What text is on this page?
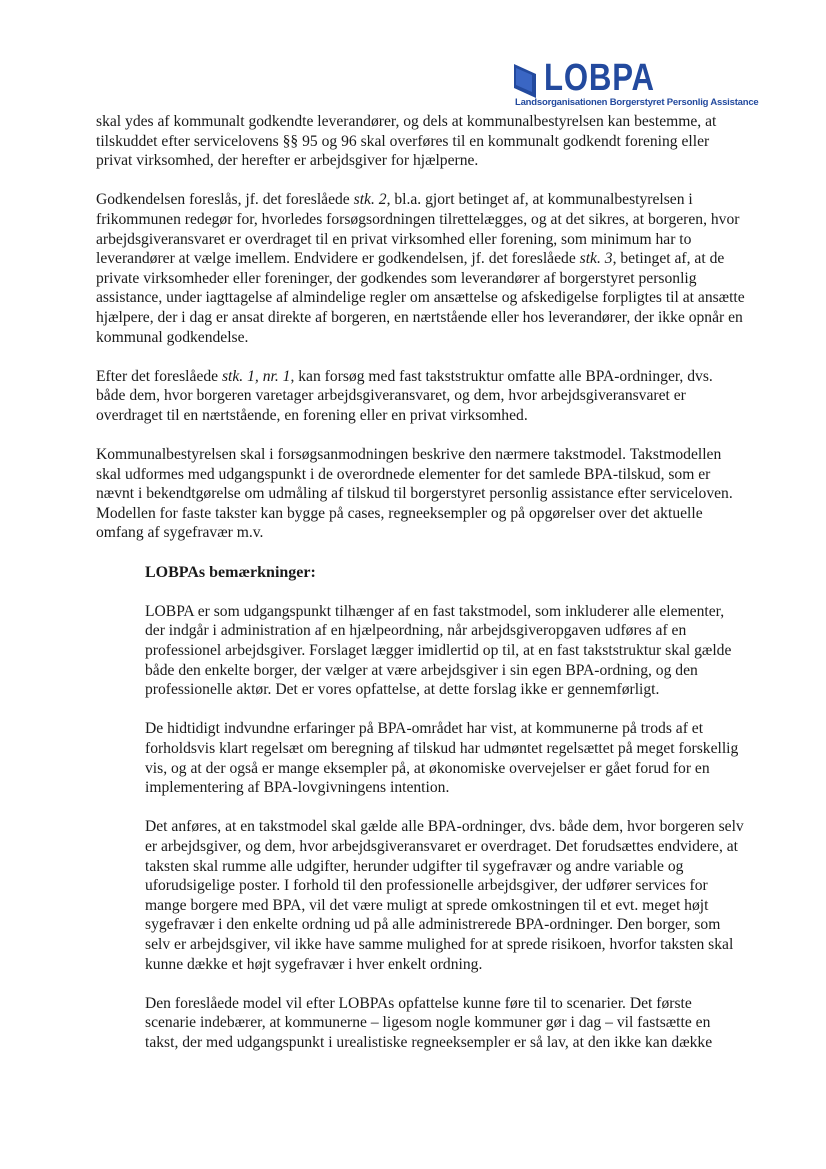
LOBPA
Landsorganisationen Borgerstyret Personlig Assistance

skal ydes af kommunalt godkendte leverandører, og dels at kommunalbestyrelsen kan bestemme, at tilskuddet efter servicelovens §§ 95 og 96 skal overføres til en kommunalt godkendt forening eller privat virksomhed, der herefter er arbejdsgiver for hjælperne.

Godkendelsen foreslås, jf. det foreslåede stk. 2, bl.a. gjort betinget af, at kommunalbestyrelsen i frikommunen redegør for, hvorledes forsøgsordningen tilrettelægges, og at det sikres, at borgeren, hvor arbejdsgiveransvaret er overdraget til en privat virksomhed eller forening, som minimum har to leverandører at vælge imellem. Endvidere er godkendelsen, jf. det foreslåede stk. 3, betinget af, at de private virksomheder eller foreninger, der godkendes som leverandører af borgerstyret personlig assistance, under iagttagelse af almindelige regler om ansættelse og afskedigelse forpligtes til at ansætte hjælpere, der i dag er ansat direkte af borgeren, en nærtstående eller hos leverandører, der ikke opnår en kommunal godkendelse.

Efter det foreslåede stk. 1, nr. 1, kan forsøg med fast takststruktur omfatte alle BPA-ordninger, dvs. både dem, hvor borgeren varetager arbejdsgiveransvaret, og dem, hvor arbejdsgiveransvaret er overdraget til en nærtstående, en forening eller en privat virksomhed.

Kommunalbestyrelsen skal i forsøgsanmodningen beskrive den nærmere takstmodel. Takstmodellen skal udformes med udgangspunkt i de overordnede elementer for det samlede BPA-tilskud, som er nævnt i bekendtgørelse om udmåling af tilskud til borgerstyret personlig assistance efter serviceloven. Modellen for faste takster kan bygge på cases, regneeksempler og på opgørelser over det aktuelle omfang af sygefravær m.v.

LOBPAs bemærkninger:

LOBPA er som udgangspunkt tilhænger af en fast takstmodel, som inkluderer alle elementer, der indgår i administration af en hjælpeordning, når arbejdsgiveropgaven udføres af en professionel arbejdsgiver. Forslaget lægger imidlertid op til, at en fast takststruktur skal gælde både den enkelte borger, der vælger at være arbejdsgiver i sin egen BPA-ordning, og den professionelle aktør. Det er vores opfattelse, at dette forslag ikke er gennemførligt.

De hidtidigt indvundne erfaringer på BPA-området har vist, at kommunerne på trods af et forholdsvis klart regelsæt om beregning af tilskud har udmøntet regelsættet på meget forskellig vis, og at der også er mange eksempler på, at økonomiske overvejelser er gået forud for en implementering af BPA-lovgivningens intention.

Det anføres, at en takstmodel skal gælde alle BPA-ordninger, dvs. både dem, hvor borgeren selv er arbejdsgiver, og dem, hvor arbejdsgiveransvaret er overdraget. Det forudsættes endvidere, at taksten skal rumme alle udgifter, herunder udgifter til sygefravær og andre variable og uforudsigelige poster. I forhold til den professionelle arbejdsgiver, der udfører services for mange borgere med BPA, vil det være muligt at sprede omkostningen til et evt. meget højt sygefravær i den enkelte ordning ud på alle administrerede BPA-ordninger. Den borger, som selv er arbejdsgiver, vil ikke have samme mulighed for at sprede risikoen, hvorfor taksten skal kunne dække et højt sygefravær i hver enkelt ordning.

Den foreslåede model vil efter LOBPAs opfattelse kunne føre til to scenarier. Det første scenarie indebærer, at kommunerne – ligesom nogle kommuner gør i dag – vil fastsætte en takst, der med udgangspunkt i urealistiske regneeksempler er så lav, at den ikke kan dække
